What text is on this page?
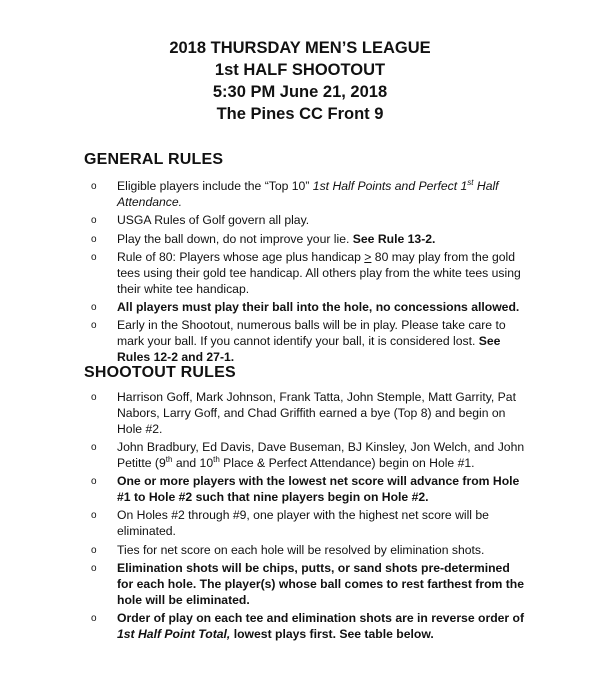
2018 THURSDAY MEN’S LEAGUE
1st HALF SHOOTOUT
5:30 PM June 21, 2018
The Pines CC Front 9
GENERAL RULES
o Eligible players include the “Top 10” 1st Half Points and Perfect 1st Half Attendance.
o USGA Rules of Golf govern all play.
o Play the ball down, do not improve your lie. See Rule 13-2.
o Rule of 80: Players whose age plus handicap > 80 may play from the gold tees using their gold tee handicap. All others play from the white tees using their white tee handicap.
o All players must play their ball into the hole, no concessions allowed.
o Early in the Shootout, numerous balls will be in play. Please take care to mark your ball. If you cannot identify your ball, it is considered lost. See Rules 12-2 and 27-1.
SHOOTOUT RULES
o Harrison Goff, Mark Johnson, Frank Tatta, John Stemple, Matt Garrity, Pat Nabors, Larry Goff, and Chad Griffith earned a bye (Top 8) and begin on Hole #2.
o John Bradbury, Ed Davis, Dave Buseman, BJ Kinsley, Jon Welch, and John Petitte (9th and 10th Place & Perfect Attendance) begin on Hole #1.
o One or more players with the lowest net score will advance from Hole #1 to Hole #2 such that nine players begin on Hole #2.
o On Holes #2 through #9, one player with the highest net score will be eliminated.
o Ties for net score on each hole will be resolved by elimination shots.
o Elimination shots will be chips, putts, or sand shots pre-determined for each hole. The player(s) whose ball comes to rest farthest from the hole will be eliminated.
o Order of play on each tee and elimination shots are in reverse order of 1st Half Point Total, lowest plays first. See table below.
